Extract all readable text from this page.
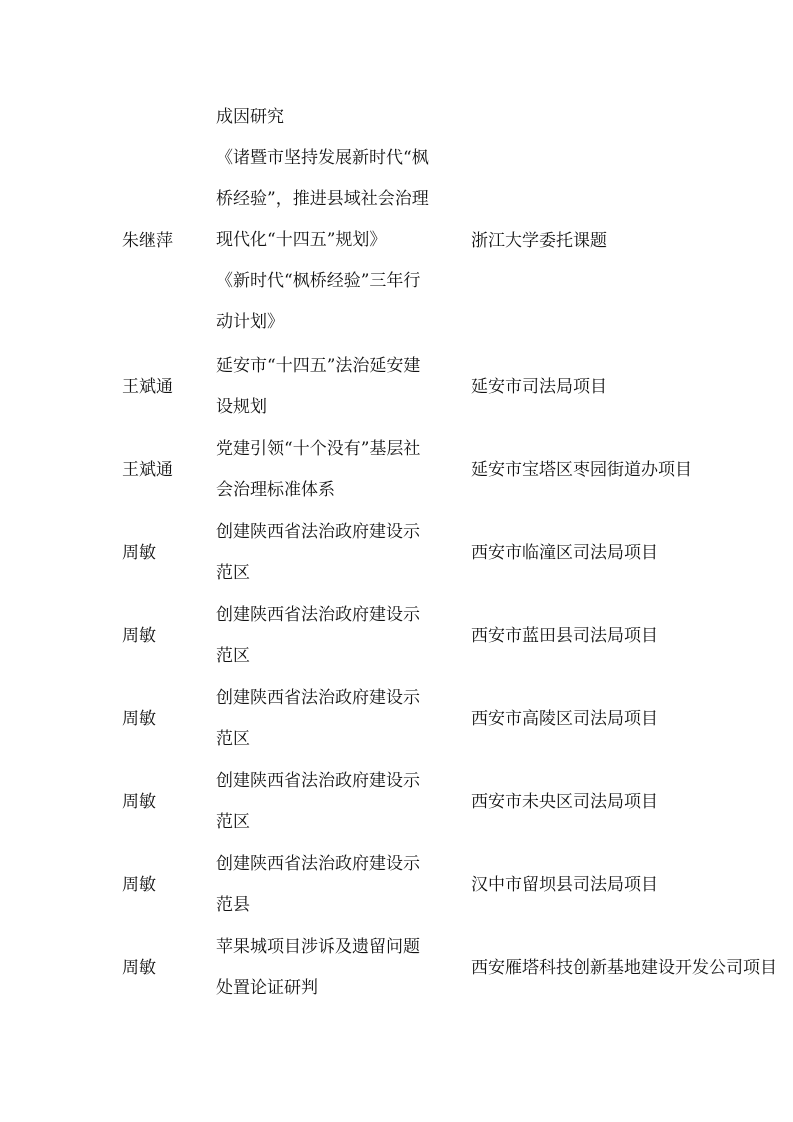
成因研究
朱继萍
《诸暨市坚持发展新时代“枫
桥经验”，推进县域社会治理
现代化“十四五”规划》
《新时代“枫桥经验”三年行
动计划》
浙江大学委托课题
王斌通
延安市“十四五”法治延安建
设规划
延安市司法局项目
王斌通
党建引领“十个没有”基层社
会治理标准体系
延安市宝塔区枣园街道办项目
周敏
创建陕西省法治政府建设示
范区
西安市临潼区司法局项目
周敏
创建陕西省法治政府建设示
范区
西安市蓝田县司法局项目
周敏
创建陕西省法治政府建设示
范区
西安市高陵区司法局项目
周敏
创建陕西省法治政府建设示
范区
西安市未央区司法局项目
周敏
创建陕西省法治政府建设示
范县
汉中市留坝县司法局项目
周敏
苹果城项目涉诉及遗留问题
处置论证研判
西安雁塔科技创新基地建设开发公司项目
